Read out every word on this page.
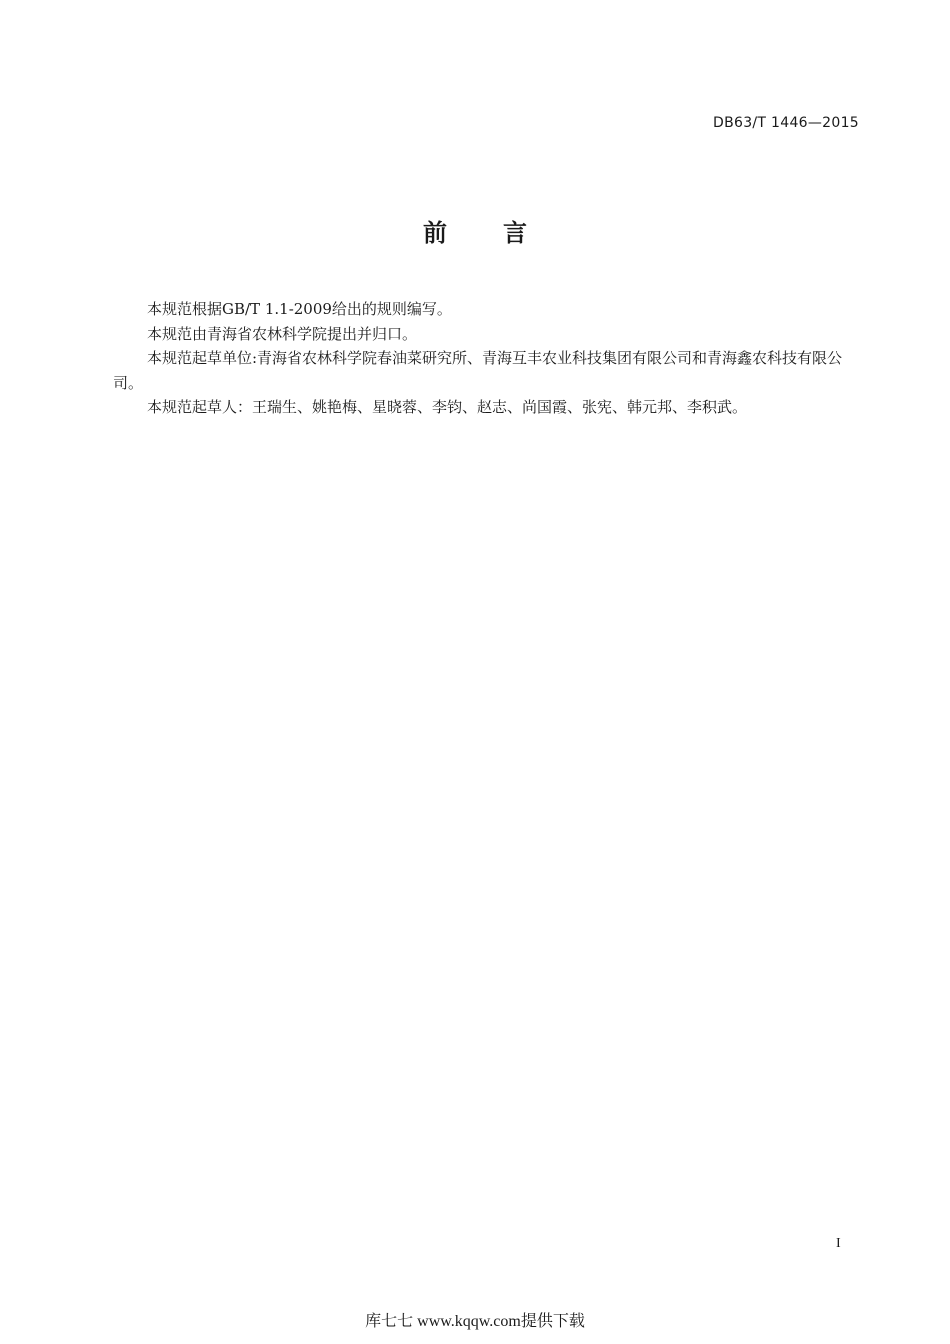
DB63/T 1446—2015
前 言

本规范根据GB/T 1.1-2009给出的规则编写。

本规范由青海省农林科学院提出并归口。

本规范起草单位:青海省农林科学院春油菜研究所、青海互丰农业科技集团有限公司和青海鑫农科技有限公司。

本规范起草人：王瑞生、姚艳梅、星晓蓉、李钧、赵志、尚国霞、张宪、韩元邦、李积武。

I
库七七 www.kqqw.com提供下载
